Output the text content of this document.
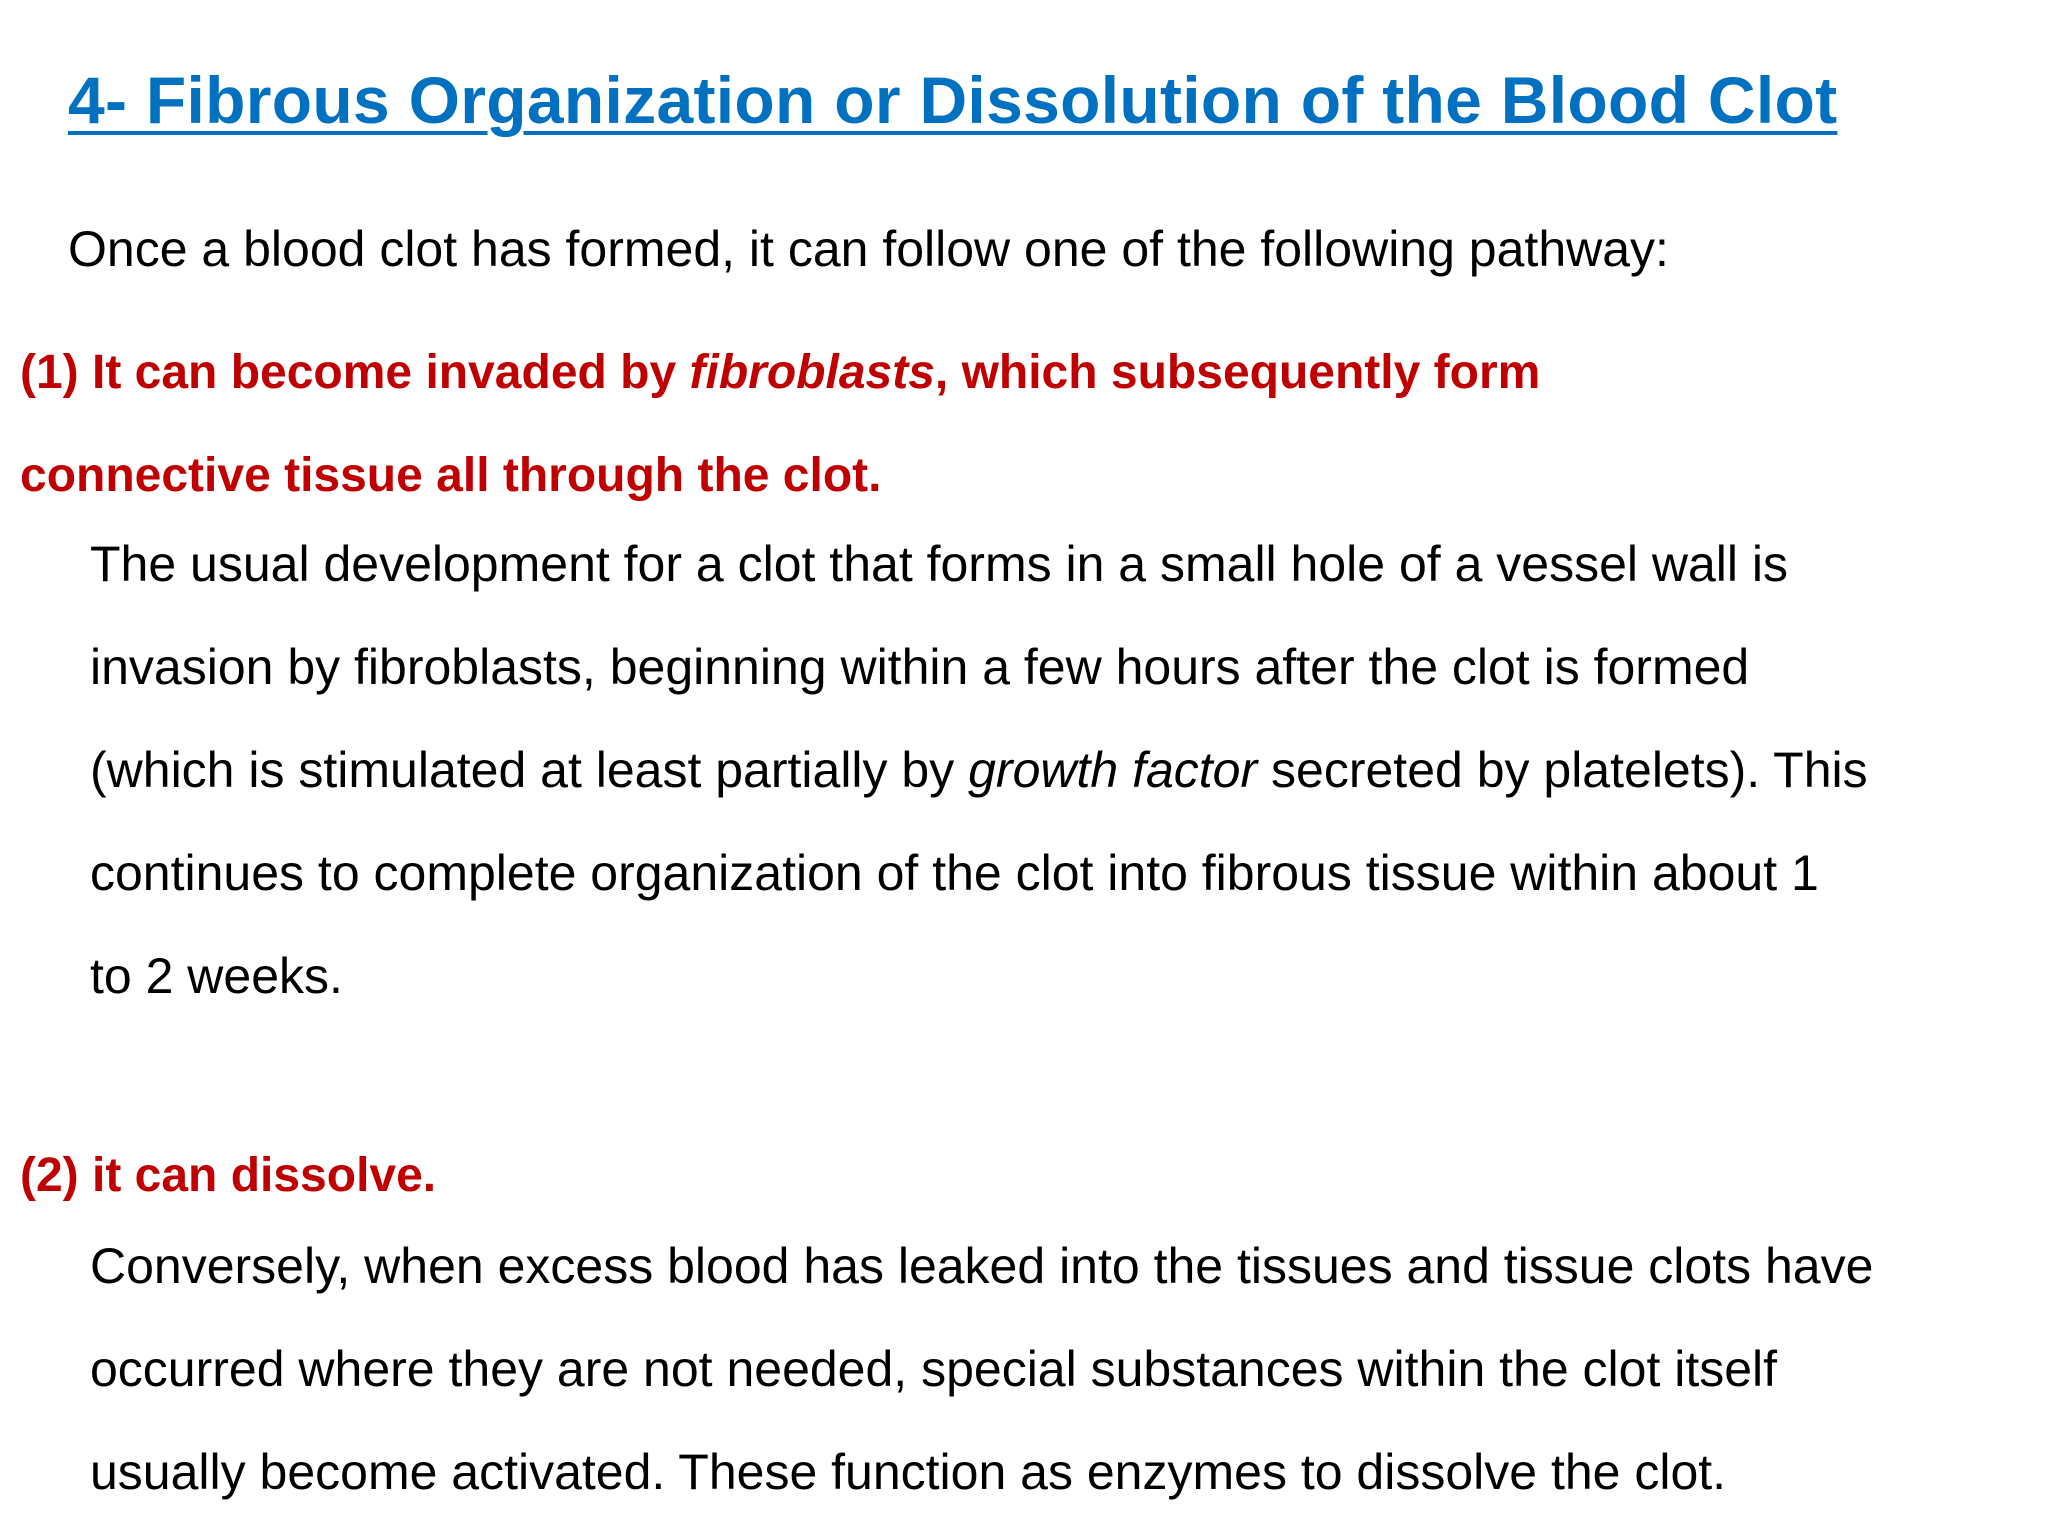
4- Fibrous Organization or Dissolution of the Blood Clot

Once a blood clot has formed, it can follow one of the following pathway:

(1) It can become invaded by fibroblasts, which subsequently form

connective tissue all through the clot.

The usual development for a clot that forms in a small hole of a vessel wall is

invasion by fibroblasts, beginning within a few hours after the clot is formed

(which is stimulated at least partially by growth factor secreted by platelets). This

continues to complete organization of the clot into fibrous tissue within about 1

to 2 weeks.

(2) it can dissolve.

Conversely, when excess blood has leaked into the tissues and tissue clots have

occurred where they are not needed, special substances within the clot itself

usually become activated. These function as enzymes to dissolve the clot.
